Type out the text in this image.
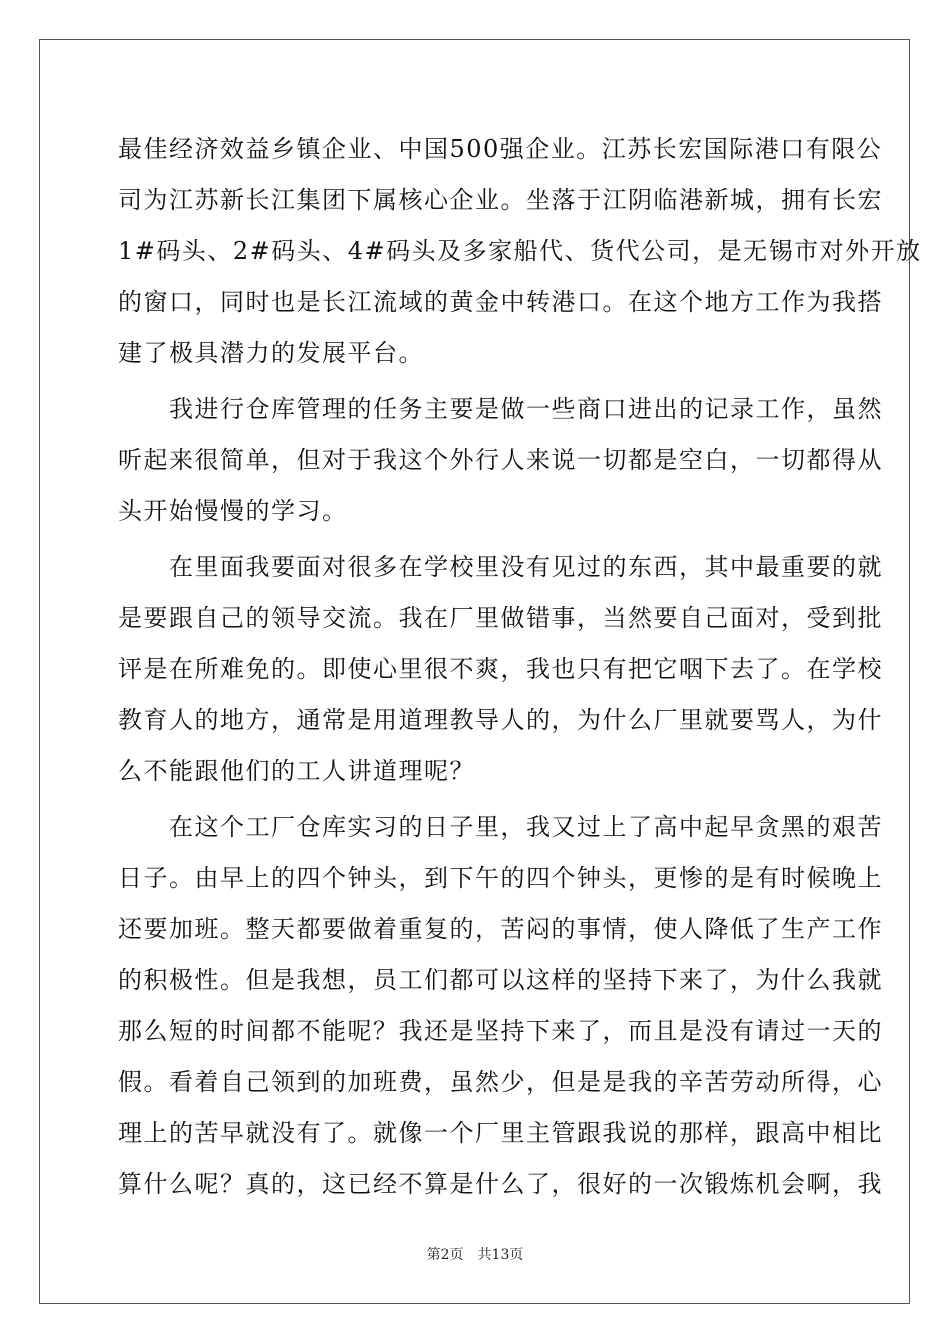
最佳经济效益乡镇企业、中国500强企业。江苏长宏国际港口有限公

司为江苏新长江集团下属核心企业。坐落于江阴临港新城，拥有长宏

1#码头、2#码头、4#码头及多家船代、货代公司，是无锡市对外开放

的窗口，同时也是长江流域的黄金中转港口。在这个地方工作为我搭

建了极具潜力的发展平台。

　　我进行仓库管理的任务主要是做一些商口进出的记录工作，虽然

听起来很简单，但对于我这个外行人来说一切都是空白，一切都得从

头开始慢慢的学习。

　　在里面我要面对很多在学校里没有见过的东西，其中最重要的就

是要跟自己的领导交流。我在厂里做错事，当然要自己面对，受到批

评是在所难免的。即使心里很不爽，我也只有把它咽下去了。在学校

教育人的地方，通常是用道理教导人的，为什么厂里就要骂人，为什

么不能跟他们的工人讲道理呢？

　　在这个工厂仓库实习的日子里，我又过上了高中起早贪黑的艰苦

日子。由早上的四个钟头，到下午的四个钟头，更惨的是有时候晚上

还要加班。整天都要做着重复的，苦闷的事情，使人降低了生产工作

的积极性。但是我想，员工们都可以这样的坚持下来了，为什么我就

那么短的时间都不能呢？我还是坚持下来了，而且是没有请过一天的

假。看着自己领到的加班费，虽然少，但是是我的辛苦劳动所得，心

理上的苦早就没有了。就像一个厂里主管跟我说的那样，跟高中相比

算什么呢？真的，这已经不算是什么了，很好的一次锻炼机会啊，我

第2页 共13页
